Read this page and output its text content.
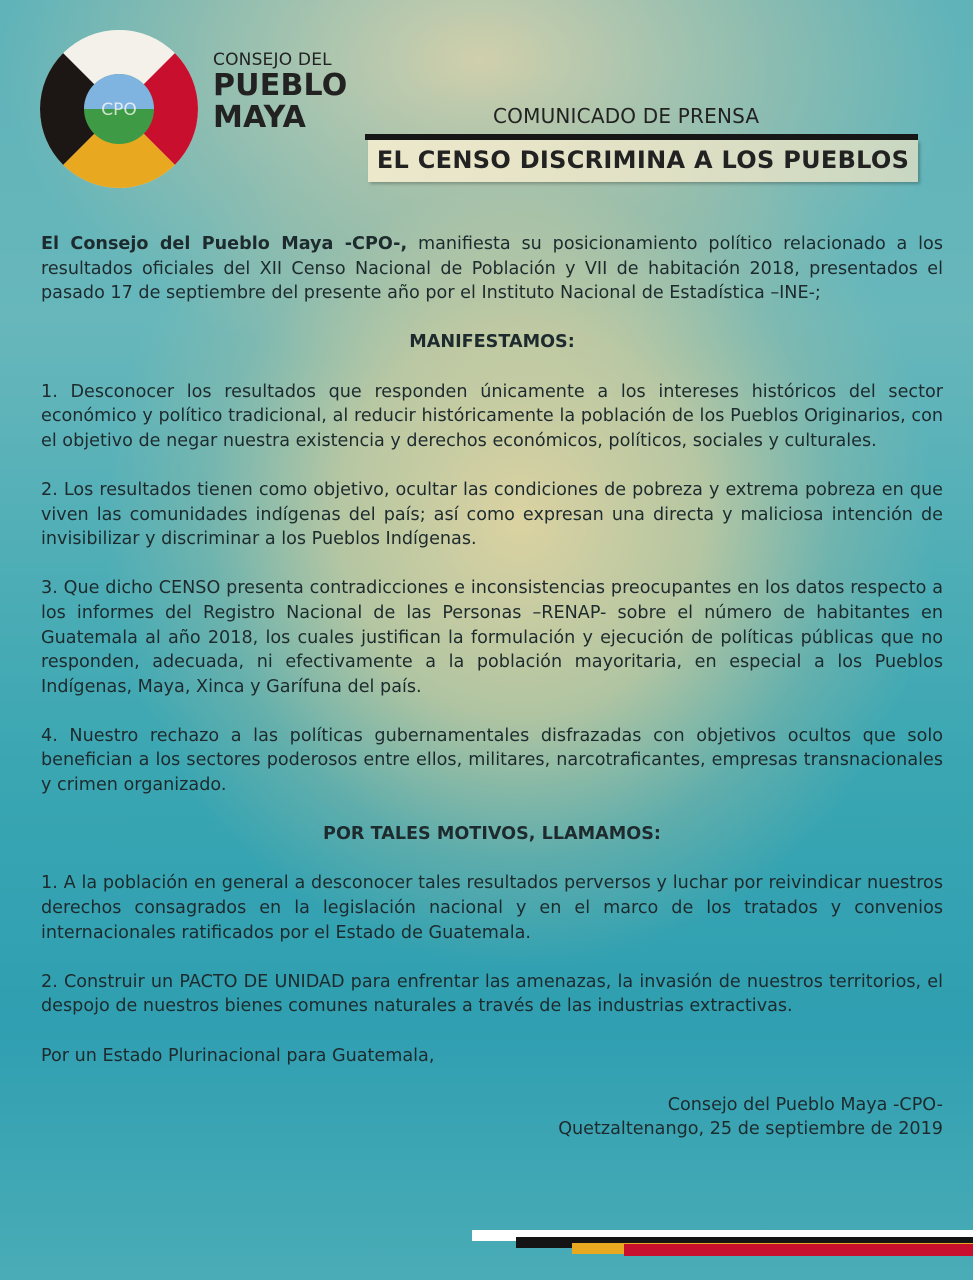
CPO
CONSEJO DEL
PUEBLO
MAYA	COMUNICADO DE PRENSA
EL CENSO DISCRIMINA A LOS PUEBLOS

El Consejo del Pueblo Maya -CPO-, manifiesta su posicionamiento político relacionado a los resultados oficiales del XII Censo Nacional de Población y VII de habitación 2018, presentados el pasado 17 de septiembre del presente año por el Instituto Nacional de Estadística –INE-;

MANIFESTAMOS:

1. Desconocer los resultados que responden únicamente a los intereses históricos del sector económico y político tradicional, al reducir históricamente la población de los Pueblos Originarios, con el objetivo de negar nuestra existencia y derechos económicos, políticos, sociales y culturales.

2. Los resultados tienen como objetivo, ocultar las condiciones de pobreza y extrema pobreza en que viven las comunidades indígenas del país; así como expresan una directa y maliciosa intención de invisibilizar y discriminar a los Pueblos Indígenas.

3. Que dicho CENSO presenta contradicciones e inconsistencias preocupantes en los datos respecto a los informes del Registro Nacional de las Personas –RENAP- sobre el número de habitantes en Guatemala al año 2018, los cuales justifican la formulación y ejecución de políticas públicas que no responden, adecuada, ni efectivamente a la población mayoritaria, en especial a los Pueblos Indígenas, Maya, Xinca y Garífuna del país.

4. Nuestro rechazo a las políticas gubernamentales disfrazadas con objetivos ocultos que solo benefician a los sectores poderosos entre ellos, militares, narcotraficantes, empresas transnacionales y crimen organizado.

POR TALES MOTIVOS, LLAMAMOS:

1. A la población en general a desconocer tales resultados perversos y luchar por reivindicar nuestros derechos consagrados en la legislación nacional y en el marco de los tratados y convenios internacionales ratificados por el Estado de Guatemala.

2. Construir un PACTO DE UNIDAD para enfrentar las amenazas, la invasión de nuestros territorios, el despojo de nuestros bienes comunes naturales a través de las industrias extractivas.

Por un Estado Plurinacional para Guatemala,

Consejo del Pueblo Maya -CPO-

Quetzaltenango, 25 de septiembre de 2019
